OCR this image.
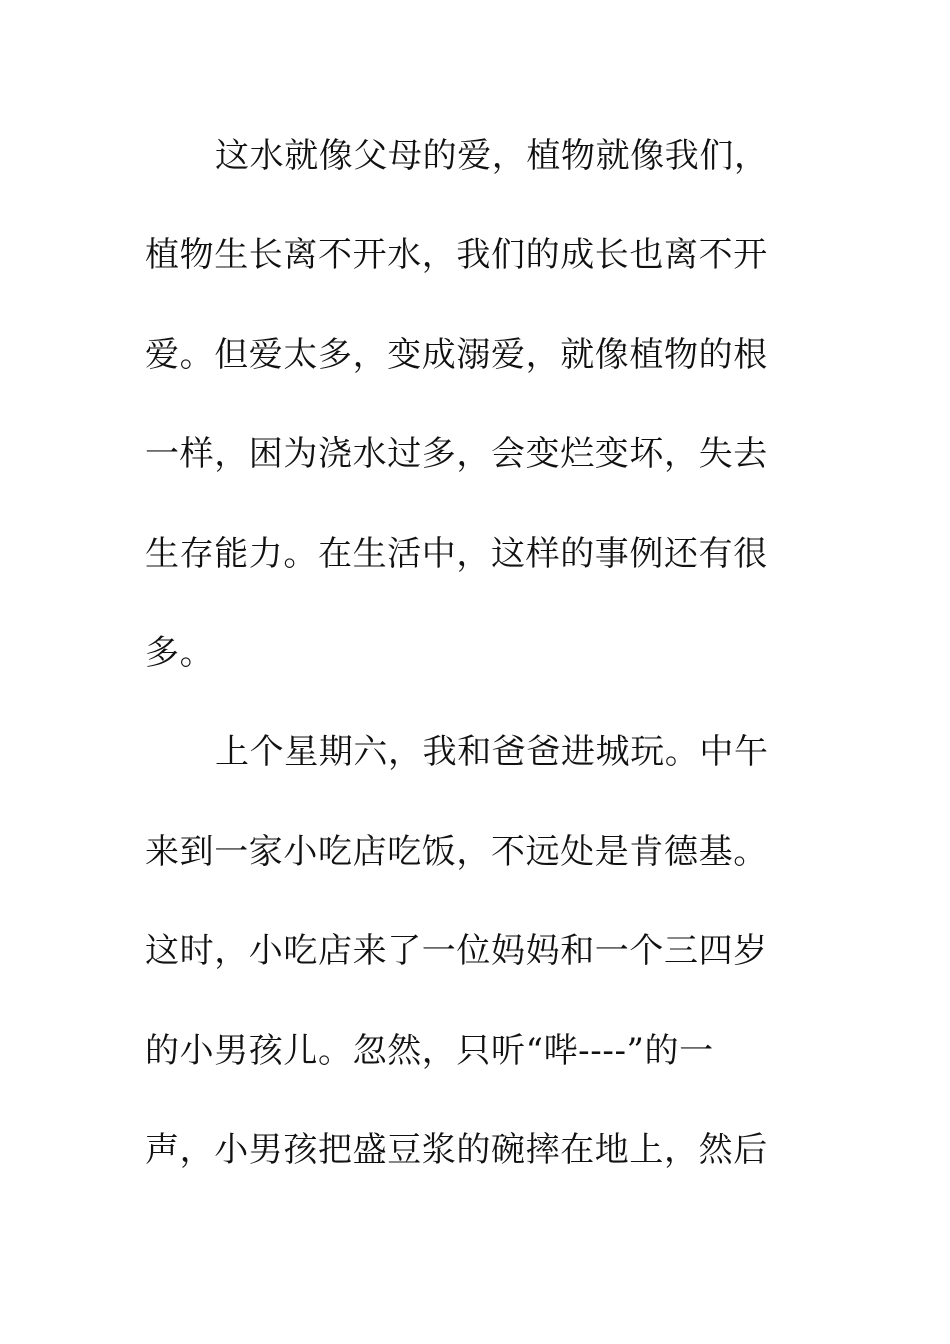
这水就像父母的爱，植物就像我们，
植物生长离不开水，我们的成长也离不开
爱。但爱太多，变成溺爱，就像植物的根
一样，困为浇水过多，会变烂变坏，失去
生存能力。在生活中，这样的事例还有很
多。
上个星期六，我和爸爸进城玩。中午
来到一家小吃店吃饭，不远处是肯德基。
这时，小吃店来了一位妈妈和一个三四岁
的小男孩儿。忽然，只听“哔----”的一
声，小男孩把盛豆浆的碗摔在地上，然后
